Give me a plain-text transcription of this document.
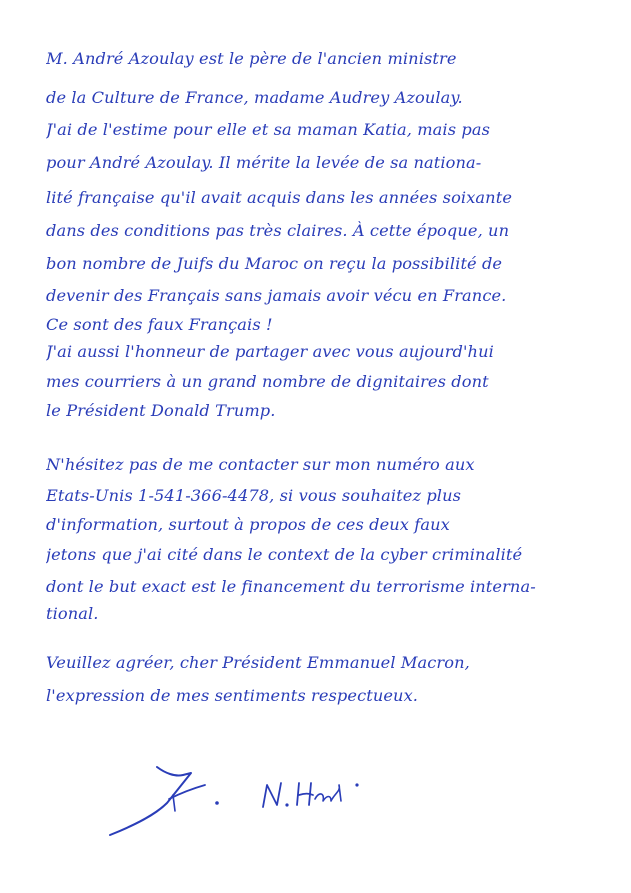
M. André Azoulay est le père de l'ancien ministre
de la Culture de France, madame Audrey Azoulay.
J'ai de l'estime pour elle et sa maman Katia, mais pas
pour André Azoulay. Il mérite la levée de sa nationa-
lité française qu'il avait acquis dans les années soixante
dans des conditions pas très claires. À cette époque, un
bon nombre de Juifs du Maroc on reçu la possibilité de
devenir des Français sans jamais avoir vécu en France.
Ce sont des faux Français !
J'ai aussi l'honneur de partager avec vous aujourd'hui
mes courriers à un grand nombre de dignitaires dont
le Président Donald Trump.
N'hésitez pas de me contacter sur mon numéro aux
Etats-Unis 1-541-366-4478, si vous souhaitez plus
d'information, surtout à propos de ces deux faux
jetons que j'ai cité dans le context de la cyber criminalité
dont le but exact est le financement du terrorisme interna-
tional.
Veuillez agréer, cher Président Emmanuel Macron,
l'expression de mes sentiments respectueux.
